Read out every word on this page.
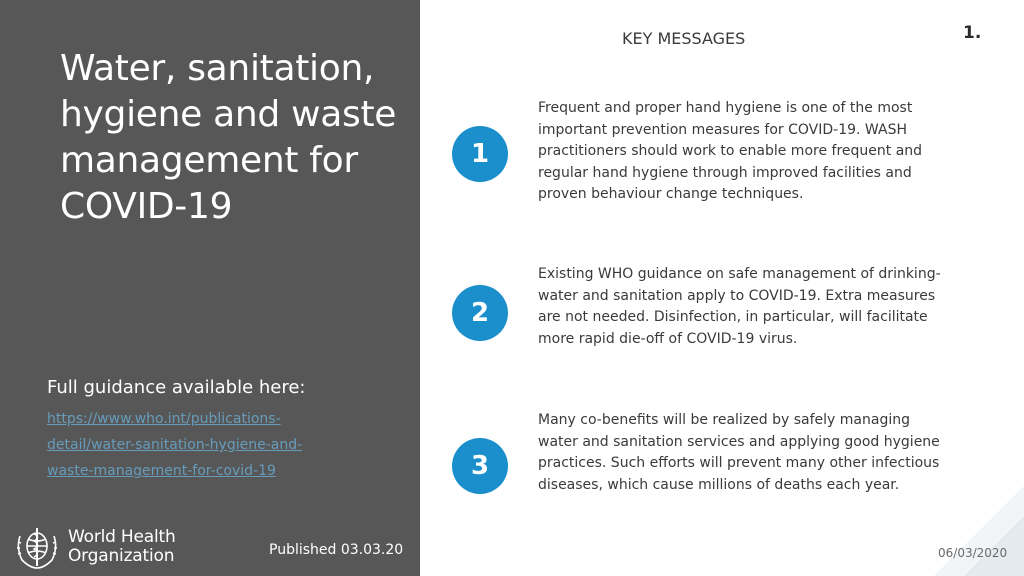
Water, sanitation,
hygiene and waste
management for
COVID-19
Full guidance available here:
https://www.who.int/publications-
detail/water-sanitation-hygiene-and-
waste-management-for-covid-19
World Health
Organization	Published 03.03.20
KEY MESSAGES	1.
1
Frequent and proper hand hygiene is one of the most important prevention measures for COVID-19. WASH practitioners should work to enable more frequent and regular hand hygiene through improved facilities and proven behaviour change techniques.
2
Existing WHO guidance on safe management of drinking-water and sanitation apply to COVID-19. Extra measures are not needed. Disinfection, in particular, will facilitate more rapid die-off of COVID-19 virus.
3
Many co-benefits will be realized by safely managing water and sanitation services and applying good hygiene practices. Such efforts will prevent many other infectious diseases, which cause millions of deaths each year.
06/03/2020
